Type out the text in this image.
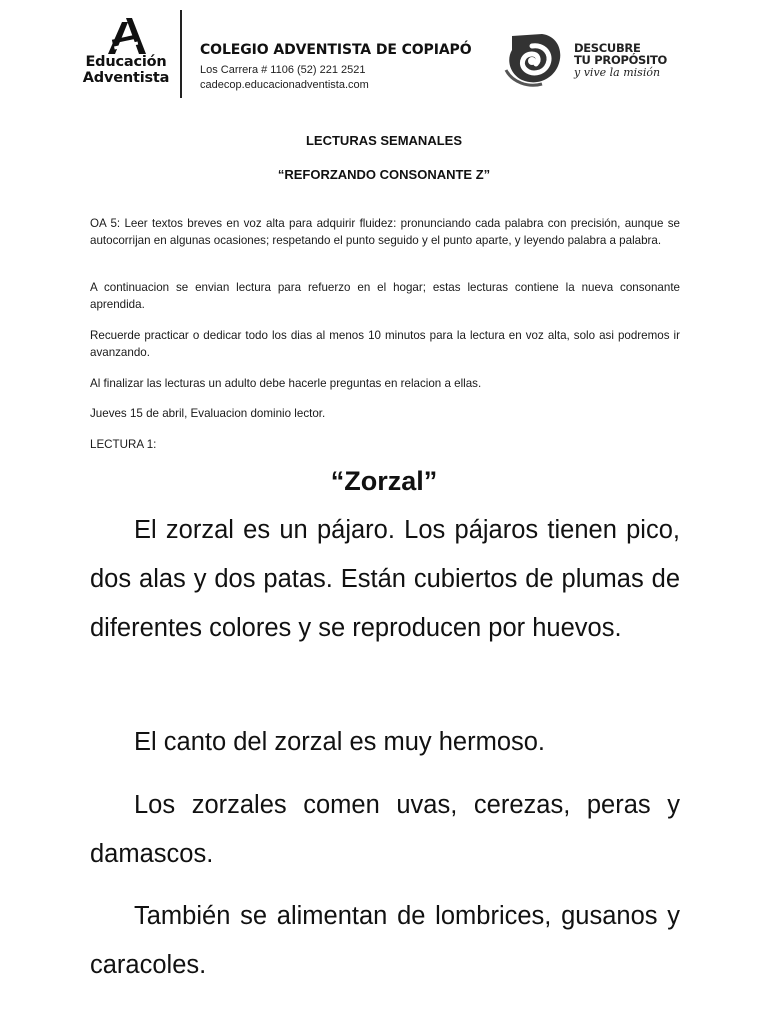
Educación
Adventista
COLEGIO ADVENTISTA DE COPIAPÓ
Los Carrera # 1106 (52) 221 2521
cadecop.educacionadventista.com
DESCUBRE
TU PROPÓSITO
y vive la misión
LECTURAS SEMANALES
“REFORZANDO CONSONANTE Z”
OA 5: Leer textos breves en voz alta para adquirir fluidez: pronunciando cada palabra con precisión, aunque se autocorrijan en algunas ocasiones; respetando el punto seguido y el punto aparte, y leyendo palabra a palabra.
A continuacion se envian lectura para refuerzo en el hogar; estas lecturas contiene la nueva consonante aprendida.
Recuerde practicar o dedicar todo los dias al menos 10 minutos para la lectura en voz alta, solo asi podremos ir avanzando.
Al finalizar las lecturas un adulto debe hacerle preguntas en relacion a ellas.
Jueves 15 de abril, Evaluacion dominio lector.
LECTURA 1:
“Zorzal”
El zorzal es un pájaro. Los pájaros tienen pico, dos alas y dos patas. Están cubiertos de plumas de diferentes colores y se reproducen por huevos.
El canto del zorzal es muy hermoso.
Los zorzales comen uvas, cerezas, peras y damascos.
También se alimentan de lombrices, gusanos y caracoles.
